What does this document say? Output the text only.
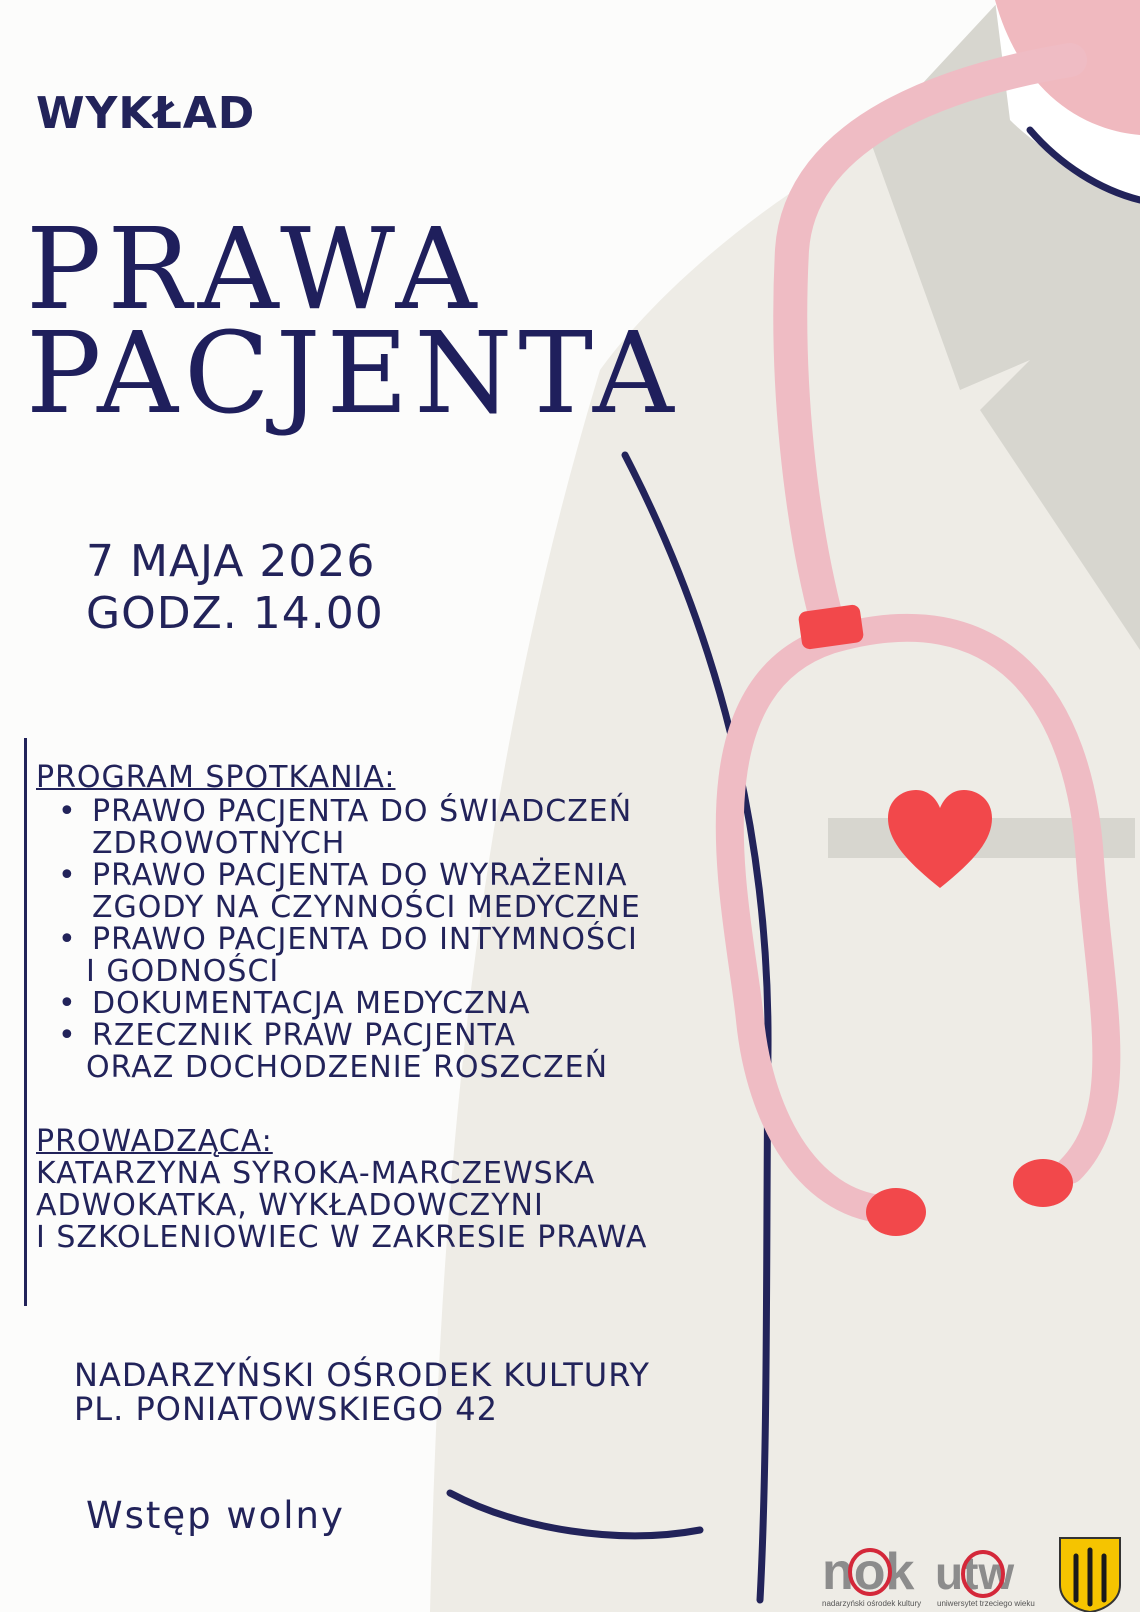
WYKŁAD
PRAWA
PACJENTA
7 MAJA 2026
GODZ. 14.00
PROGRAM SPOTKANIA:
• PRAWO PACJENTA DO ŚWIADCZEŃ
ZDROWOTNYCH
• PRAWO PACJENTA DO WYRAŻENIA
ZGODY NA CZYNNOŚCI MEDYCZNE
• PRAWO PACJENTA DO INTYMNOŚCI
I GODNOŚCI
• DOKUMENTACJA MEDYCZNA
• RZECZNIK PRAW PACJENTA
ORAZ DOCHODZENIE ROSZCZEŃ
PROWADZĄCA:
KATARZYNA SYROKA-MARCZEWSKA
ADWOKATKA, WYKŁADOWCZYNI
I SZKOLENIOWIEC W ZAKRESIE PRAWA
NADARZYŃSKI OŚRODEK KULTURY
PL. PONIATOWSKIEGO 42
Wstęp wolny
nok
nadarzyński ośrodek kultury
utw
uniwersytet trzeciego wieku
